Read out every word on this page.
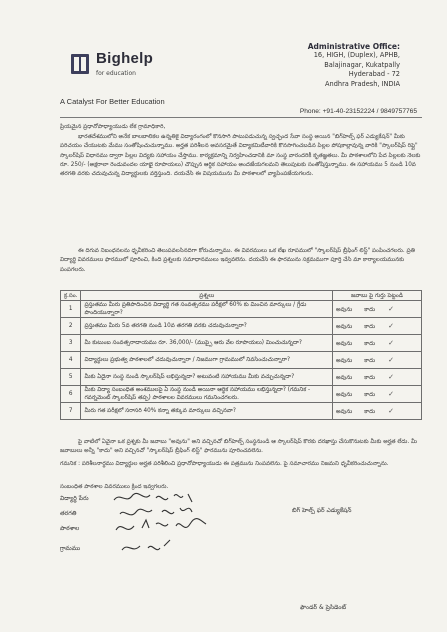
Bighelp
for education
A Catalyst For Better Education
Administrative Office:
16, HIGH, (Duplex), APHB,
Balajinagar, Kukatpally
Hyderabad - 72
Andhra Pradesh, INDIA
Phone: +91-40-23152224 / 9849757765

ప్రియమైన ప్రధానోపాధ్యాయుడు లేక గ్రామాధికారి,

భారతదేశములోని అనేక బాలబాలికల ఉన్నతికై విద్యారంగంలో కొనసాగి పాటుపడుచున్న స్వచ్ఛంద సేవా సంస్థ అయిన "బిగ్‌హెల్ప్ ఫర్ ఎడ్యుకేషన్" మీకు పరిచయం చేయుటకు మేము సంతోషించుచున్నాము. అర్హత పరిశీలన అవసరమైతే విద్యాకమిటీవారికి కొనసాగించబడిన పిల్లల పోషకాల్లావున్న వారికి "స్కాలర్‌షిప్ రిప్లై" స్కాలర్‌షిప్ విధానము ద్వారా పిల్లల విద్యకు సహాయం చేస్తాము. కార్యక్రమాన్ని నిర్వహించడానికి మా సంస్థ వారందరికీ కృతజ్ఞతలు. మీ పాఠశాలలోని పేద పిల్లలకు నెలకు రూ. 250/- (అక్షరాలా రెండువందల యాభై రూపాయలు) చొప్పున ఆర్థిక సహాయం అందజేయగలమని తెలుపుటకు సంతోషిస్తున్నాము. ఈ సహాయము 5 నుండి 10వ తరగతి వరకు చదువుచున్న విద్యార్థులకు వర్తిస్తుంది. దయచేసి ఈ విషయమును మీ పాఠశాలలో వ్యాపింపజేయగలరు.

ఈ దిగువ నిబంధనలను ధృవీకరించి తెలుపవలసినదిగా కోరుచున్నాము. ఈ వివరములు ఒక లేఖ రూపములో "స్కాలర్‌షిప్ బ్రీఫింగ్ లిస్ట్" పంపించగలరు. ప్రతి విద్యార్థి వివరములు ఫారములో పూరించి, కింది ప్రశ్నలకు సమాధానములు ఇవ్వవలెను. దయచేసి ఈ ఫారమును సక్రమముగా పూర్తి చేసి మా కార్యాలయమునకు పంపగలరు.

క్ర.సం.	ప్రశ్నలు	జవాబు పై గుర్తు పెట్టండి
1	ప్రస్తుతము మీరు ప్రతిపాదించిన విద్యార్థి గత సంవత్సరము పరీక్షలో 60% కు మించిన మార్కులు / గ్రేడు పొందియున్నారా?	అవును కాదు ✓
2	ప్రస్తుతము మీరు 5వ తరగతి నుండి 10వ తరగతి వరకు చదువుచున్నారా?	అవును కాదు ✓
3	మీ కుటుంబ సంవత్సరాదాయము రూ. 36,000/- (ముప్పై ఆరు వేల రూపాయలు) మించుచున్నదా?	అవును కాదు ✓
4	విద్యార్థులు ప్రభుత్వ పాఠశాలలో చదువుచున్నారా / నిజముగా గ్రామములో నివసించుచున్నారా?	అవును కాదు ✓
5	మీకు ఏదైనా సంస్థ నుండి స్కాలర్‌షిప్ లభిస్తున్నదా? అటువంటి సహాయము మీకు వచ్చుచున్నదా?	అవును కాదు ✓
6	మీకు విద్యా సంబంధిత అంశములపై ఏ సంస్థ నుండి అయినా ఆర్థిక సహాయము లభిస్తున్నదా? (గమనిక - గవర్నమెంట్ స్కాలర్‌షిప్ తప్ప) పాఠశాలల వివరములు గమనించగలరు.	అవును కాదు ✓
7	మీరు గత పరీక్షలో సరాసరి 40% కన్నా తక్కువ మార్కులు వచ్చినవా?	అవును కాదు ✓

పై వాటిలో ఏవైనా ఒక ప్రశ్నకు మీ జవాబు "అవును" అని వచ్చినచో బిగ్‌హెల్ప్ సంస్థనుండి ఆ స్కాలర్‌షిప్ కొరకు దరఖాస్తు చేసుకొనుటకు మీకు అర్హత లేదు. మీ జవాబులు అన్నీ "కాదు" అని వచ్చినచో "స్కాలర్‌షిప్ బ్రీఫింగ్ లిస్ట్" ఫారమును పూరించవలెను.

గమనిక : పరిశీలనార్థము విద్యార్థుల అర్హత పరిశీలించి ప్రధానోపాధ్యాయుడు ఈ పత్రమును నింపవలెను. పై సమాచారము నిజమని ధృవీకరించుచున్నాను.

సంబంధిత పాఠశాల వివరములు క్రింద ఇవ్వగలరు.

విద్యార్థి పేరు
తరగతి
పాఠశాల
గ్రామము
బిగ్ హెల్ప్ ఫర్ ఎడ్యుకేషన్
ఫౌండర్ & ప్రెసిడెంట్
